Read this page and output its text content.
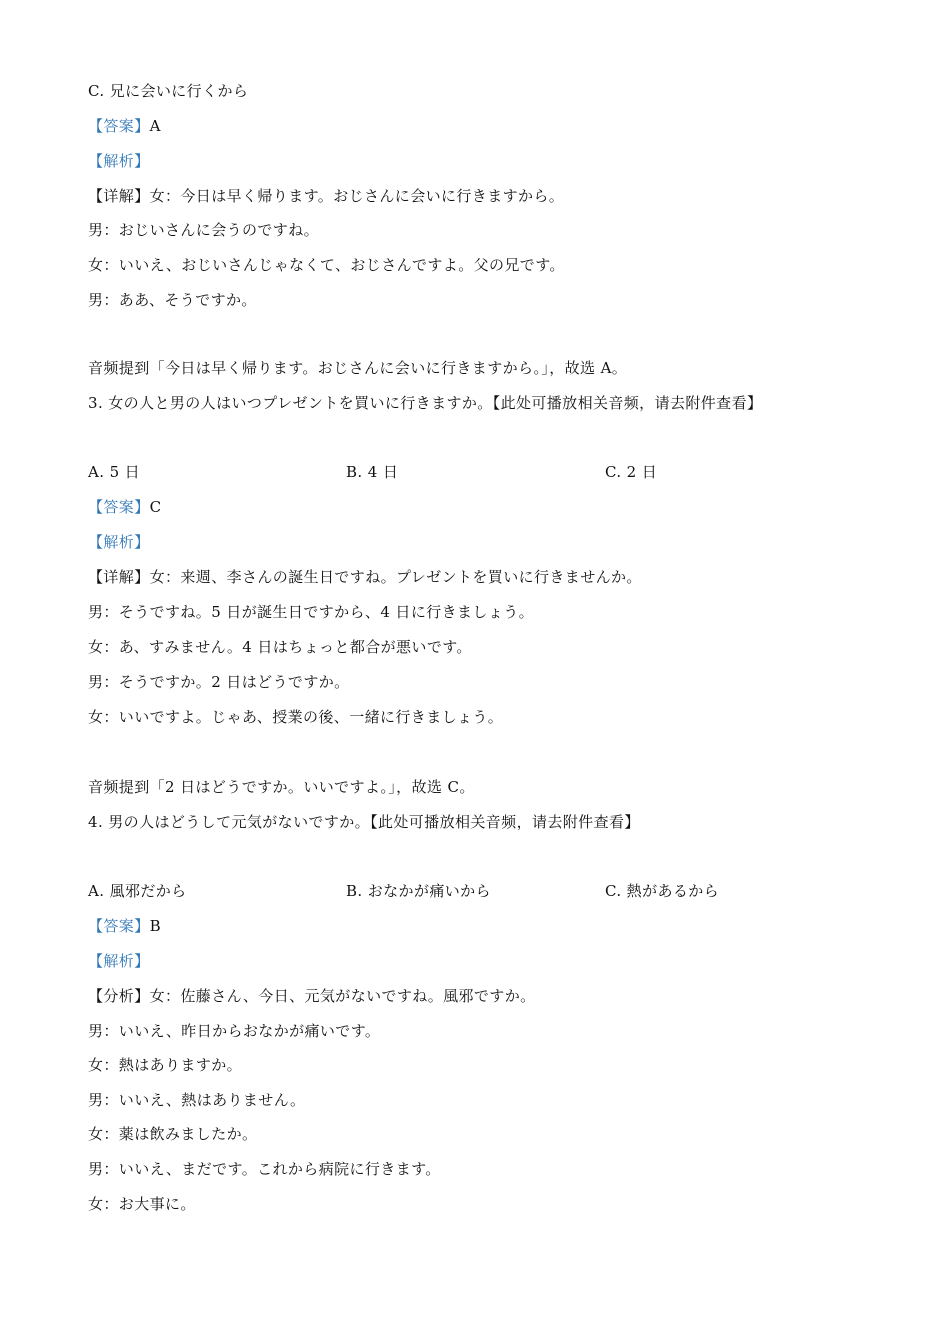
C. 兄に会いに行くから
【答案】A
【解析】
【详解】女：今日は早く帰ります。おじさんに会いに行きますから。
男：おじいさんに会うのですね。
女：いいえ、おじいさんじゃなくて、おじさんですよ。父の兄です。
男：ああ、そうですか。
音频提到「今日は早く帰ります。おじさんに会いに行きますから。」，故选 A。
3. 女の人と男の人はいつプレゼントを買いに行きますか。【此处可播放相关音频，请去附件查看】
A. 5 日	B. 4 日	C. 2 日
【答案】C
【解析】
【详解】女：来週、李さんの誕生日ですね。プレゼントを買いに行きませんか。
男：そうですね。5 日が誕生日ですから、4 日に行きましょう。
女：あ、すみません。4 日はちょっと都合が悪いです。
男：そうですか。2 日はどうですか。
女：いいですよ。じゃあ、授業の後、一緒に行きましょう。
音频提到「2 日はどうですか。いいですよ。」，故选 C。
4. 男の人はどうして元気がないですか。【此处可播放相关音频，请去附件查看】
A. 風邪だから	B. おなかが痛いから	C. 熱があるから
【答案】B
【解析】
【分析】女：佐藤さん、今日、元気がないですね。風邪ですか。
男：いいえ、昨日からおなかが痛いです。
女：熱はありますか。
男：いいえ、熱はありません。
女：薬は飲みましたか。
男：いいえ、まだです。これから病院に行きます。
女：お大事に。
